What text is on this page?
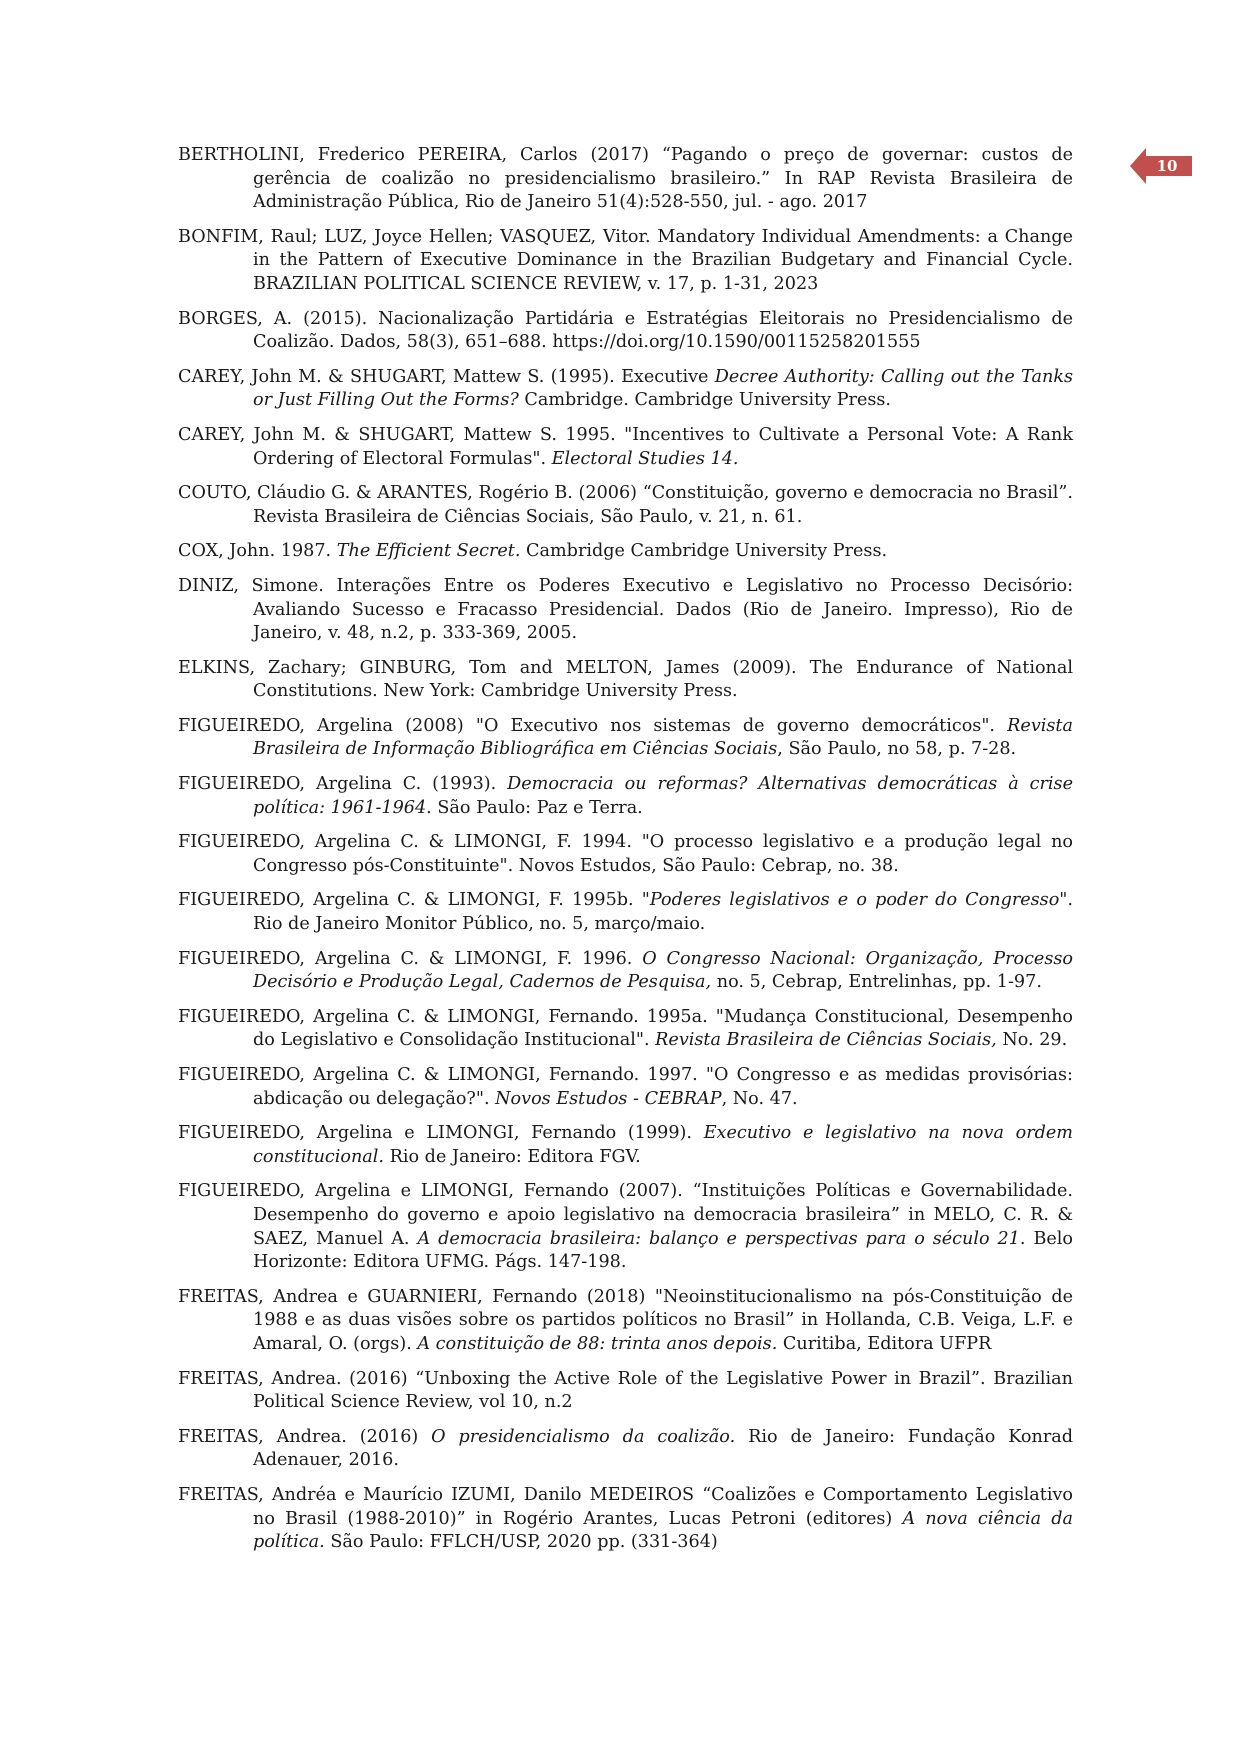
10
BERTHOLINI, Frederico PEREIRA, Carlos (2017) “Pagando o preço de governar: custos de gerência de coalizão no presidencialismo brasileiro.” In RAP Revista Brasileira de Administração Pública, Rio de Janeiro 51(4):528-550, jul. - ago. 2017
BONFIM, Raul; LUZ, Joyce Hellen; VASQUEZ, Vitor. Mandatory Individual Amendments: a Change in the Pattern of Executive Dominance in the Brazilian Budgetary and Financial Cycle. BRAZILIAN POLITICAL SCIENCE REVIEW, v. 17, p. 1-31, 2023
BORGES, A. (2015). Nacionalização Partidária e Estratégias Eleitorais no Presidencialismo de Coalizão. Dados, 58(3), 651–688. https://doi.org/10.1590/00115258201555
CAREY, John M. & SHUGART, Mattew S. (1995). Executive Decree Authority: Calling out the Tanks or Just Filling Out the Forms? Cambridge. Cambridge University Press.
CAREY, John M. & SHUGART, Mattew S. 1995. "Incentives to Cultivate a Personal Vote: A Rank Ordering of Electoral Formulas". Electoral Studies 14.
COUTO, Cláudio G. & ARANTES, Rogério B. (2006) “Constituição, governo e democracia no Brasil”. Revista Brasileira de Ciências Sociais, São Paulo, v. 21, n. 61.
COX, John. 1987. The Efficient Secret. Cambridge Cambridge University Press.
DINIZ, Simone. Interações Entre os Poderes Executivo e Legislativo no Processo Decisório: Avaliando Sucesso e Fracasso Presidencial. Dados (Rio de Janeiro. Impresso), Rio de Janeiro, v. 48, n.2, p. 333-369, 2005.
ELKINS, Zachary; GINBURG, Tom and MELTON, James (2009). The Endurance of National Constitutions. New York: Cambridge University Press.
FIGUEIREDO, Argelina (2008) "O Executivo nos sistemas de governo democráticos". Revista Brasileira de Informação Bibliográfica em Ciências Sociais, São Paulo, no 58, p. 7-28.
FIGUEIREDO, Argelina C. (1993). Democracia ou reformas? Alternativas democráticas à crise política: 1961-1964. São Paulo: Paz e Terra.
FIGUEIREDO, Argelina C. & LIMONGI, F. 1994. "O processo legislativo e a produção legal no Congresso pós-Constituinte". Novos Estudos, São Paulo: Cebrap, no. 38.
FIGUEIREDO, Argelina C. & LIMONGI, F. 1995b. "Poderes legislativos e o poder do Congresso". Rio de Janeiro Monitor Público, no. 5, março/maio.
FIGUEIREDO, Argelina C. & LIMONGI, F. 1996. O Congresso Nacional: Organização, Processo Decisório e Produção Legal, Cadernos de Pesquisa, no. 5, Cebrap, Entrelinhas, pp. 1-97.
FIGUEIREDO, Argelina C. & LIMONGI, Fernando. 1995a. "Mudança Constitucional, Desempenho do Legislativo e Consolidação Institucional". Revista Brasileira de Ciências Sociais, No. 29.
FIGUEIREDO, Argelina C. & LIMONGI, Fernando. 1997. "O Congresso e as medidas provisórias: abdicação ou delegação?". Novos Estudos - CEBRAP, No. 47.
FIGUEIREDO, Argelina e LIMONGI, Fernando (1999). Executivo e legislativo na nova ordem constitucional. Rio de Janeiro: Editora FGV.
FIGUEIREDO, Argelina e LIMONGI, Fernando (2007). “Instituições Políticas e Governabilidade. Desempenho do governo e apoio legislativo na democracia brasileira” in MELO, C. R. & SAEZ, Manuel A. A democracia brasileira: balanço e perspectivas para o século 21. Belo Horizonte: Editora UFMG. Págs. 147-198.
FREITAS, Andrea e GUARNIERI, Fernando (2018) "Neoinstitucionalismo na pós-Constituição de 1988 e as duas visões sobre os partidos políticos no Brasil” in Hollanda, C.B. Veiga, L.F. e Amaral, O. (orgs). A constituição de 88: trinta anos depois. Curitiba, Editora UFPR
FREITAS, Andrea. (2016) “Unboxing the Active Role of the Legislative Power in Brazil”. Brazilian Political Science Review, vol 10, n.2
FREITAS, Andrea. (2016) O presidencialismo da coalizão. Rio de Janeiro: Fundação Konrad Adenauer, 2016.
FREITAS, Andréa e Maurício IZUMI, Danilo MEDEIROS “Coalizões e Comportamento Legislativo no Brasil (1988-2010)” in Rogério Arantes, Lucas Petroni (editores) A nova ciência da política. São Paulo: FFLCH/USP, 2020 pp. (331-364)
